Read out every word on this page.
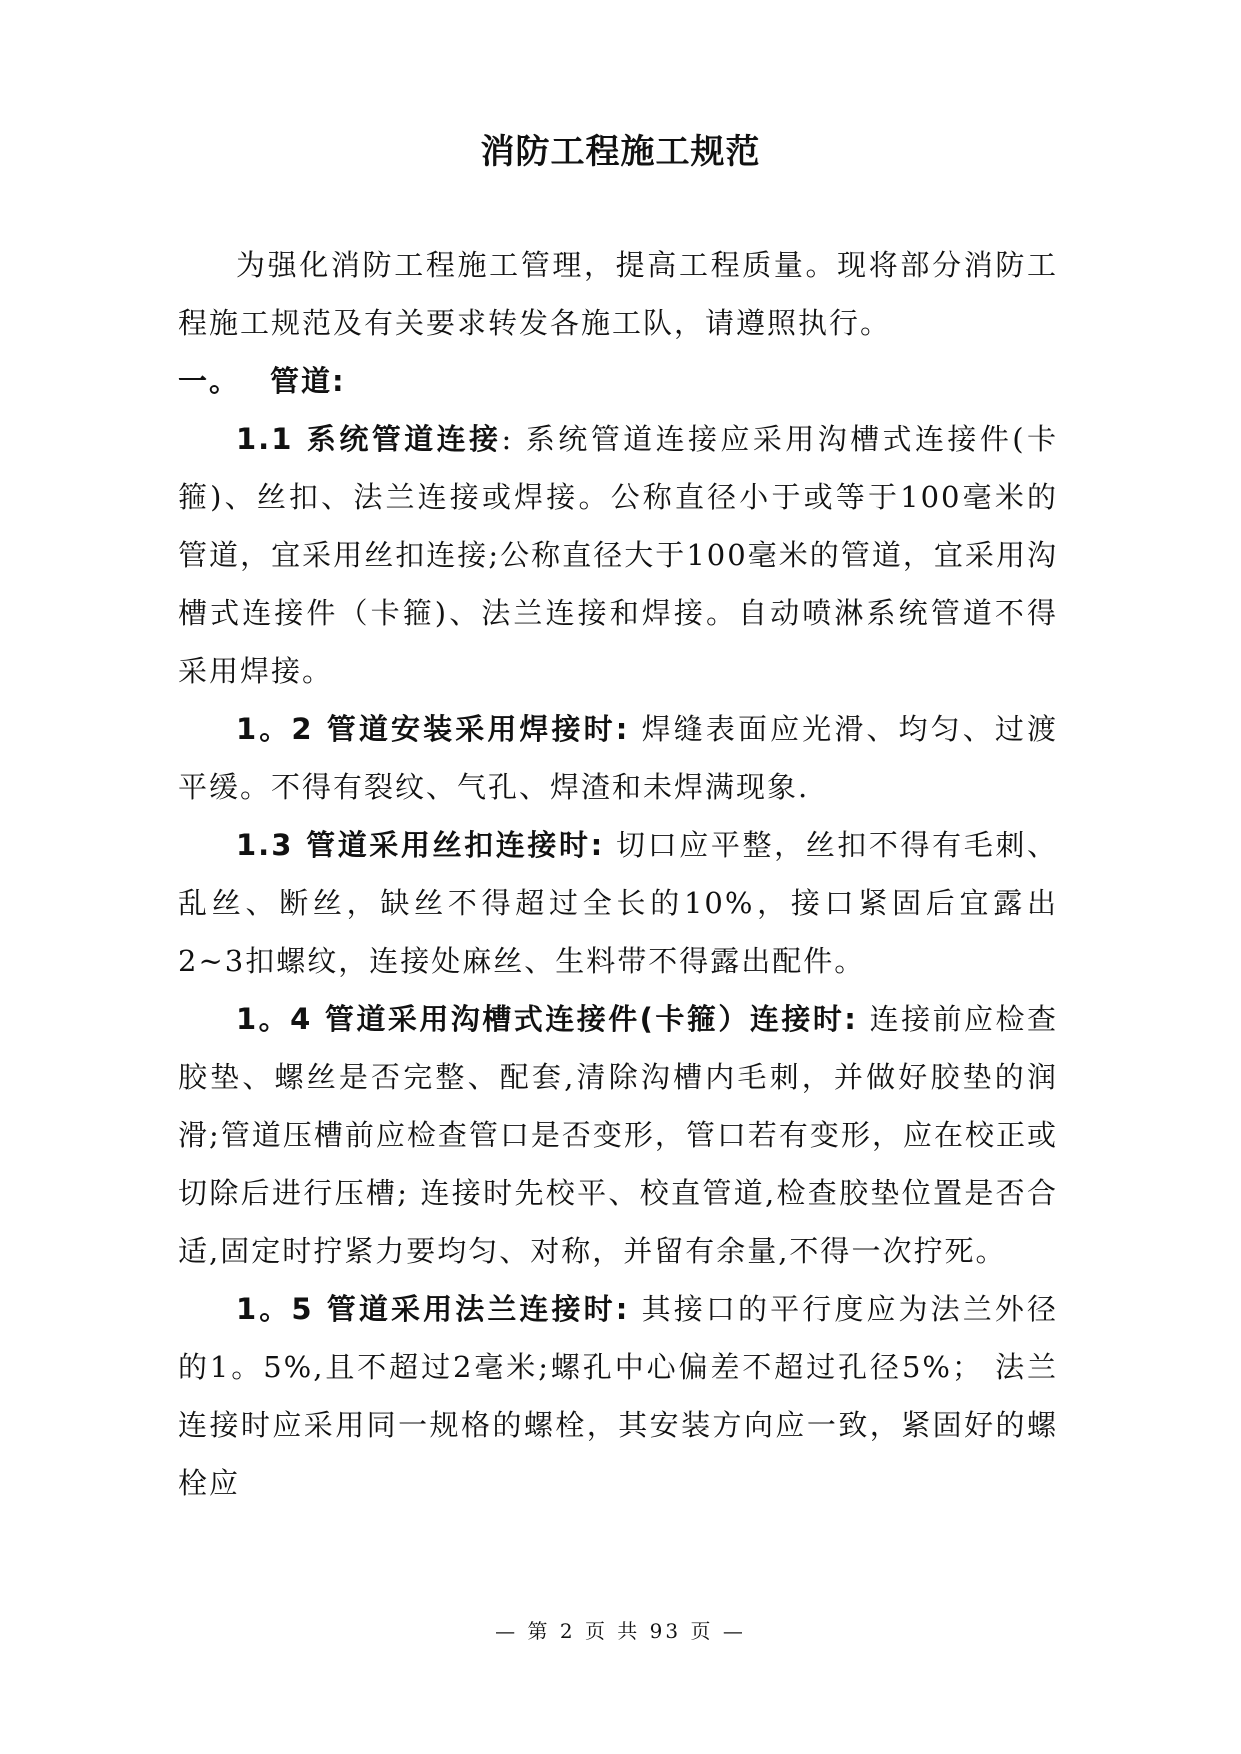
消防工程施工规范

为强化消防工程施工管理，提高工程质量。现将部分消防工程施工规范及有关要求转发各施工队，请遵照执行。

一。 管道:

1.1 系统管道连接: 系统管道连接应采用沟槽式连接件(卡箍)、丝扣、法兰连接或焊接。公称直径小于或等于100毫米的管道，宜采用丝扣连接;公称直径大于100毫米的管道，宜采用沟槽式连接件（卡箍)、法兰连接和焊接。自动喷淋系统管道不得采用焊接。

1。2 管道安装采用焊接时: 焊缝表面应光滑、均匀、过渡平缓。不得有裂纹、气孔、焊渣和未焊满现象.

1.3 管道采用丝扣连接时: 切口应平整，丝扣不得有毛刺、乱丝、断丝，缺丝不得超过全长的10%，接口紧固后宜露出2~3扣螺纹，连接处麻丝、生料带不得露出配件。

1。4 管道采用沟槽式连接件(卡箍）连接时: 连接前应检查胶垫、螺丝是否完整、配套,清除沟槽内毛刺，并做好胶垫的润滑;管道压槽前应检查管口是否变形，管口若有变形，应在校正或切除后进行压槽; 连接时先校平、校直管道,检查胶垫位置是否合适,固定时拧紧力要均匀、对称，并留有余量,不得一次拧死。

1。5 管道采用法兰连接时: 其接口的平行度应为法兰外径的1。5%,且不超过2毫米;螺孔中心偏差不超过孔径5%； 法兰连接时应采用同一规格的螺栓，其安装方向应一致，紧固好的螺栓应

— 第 2 页 共 93 页 —
